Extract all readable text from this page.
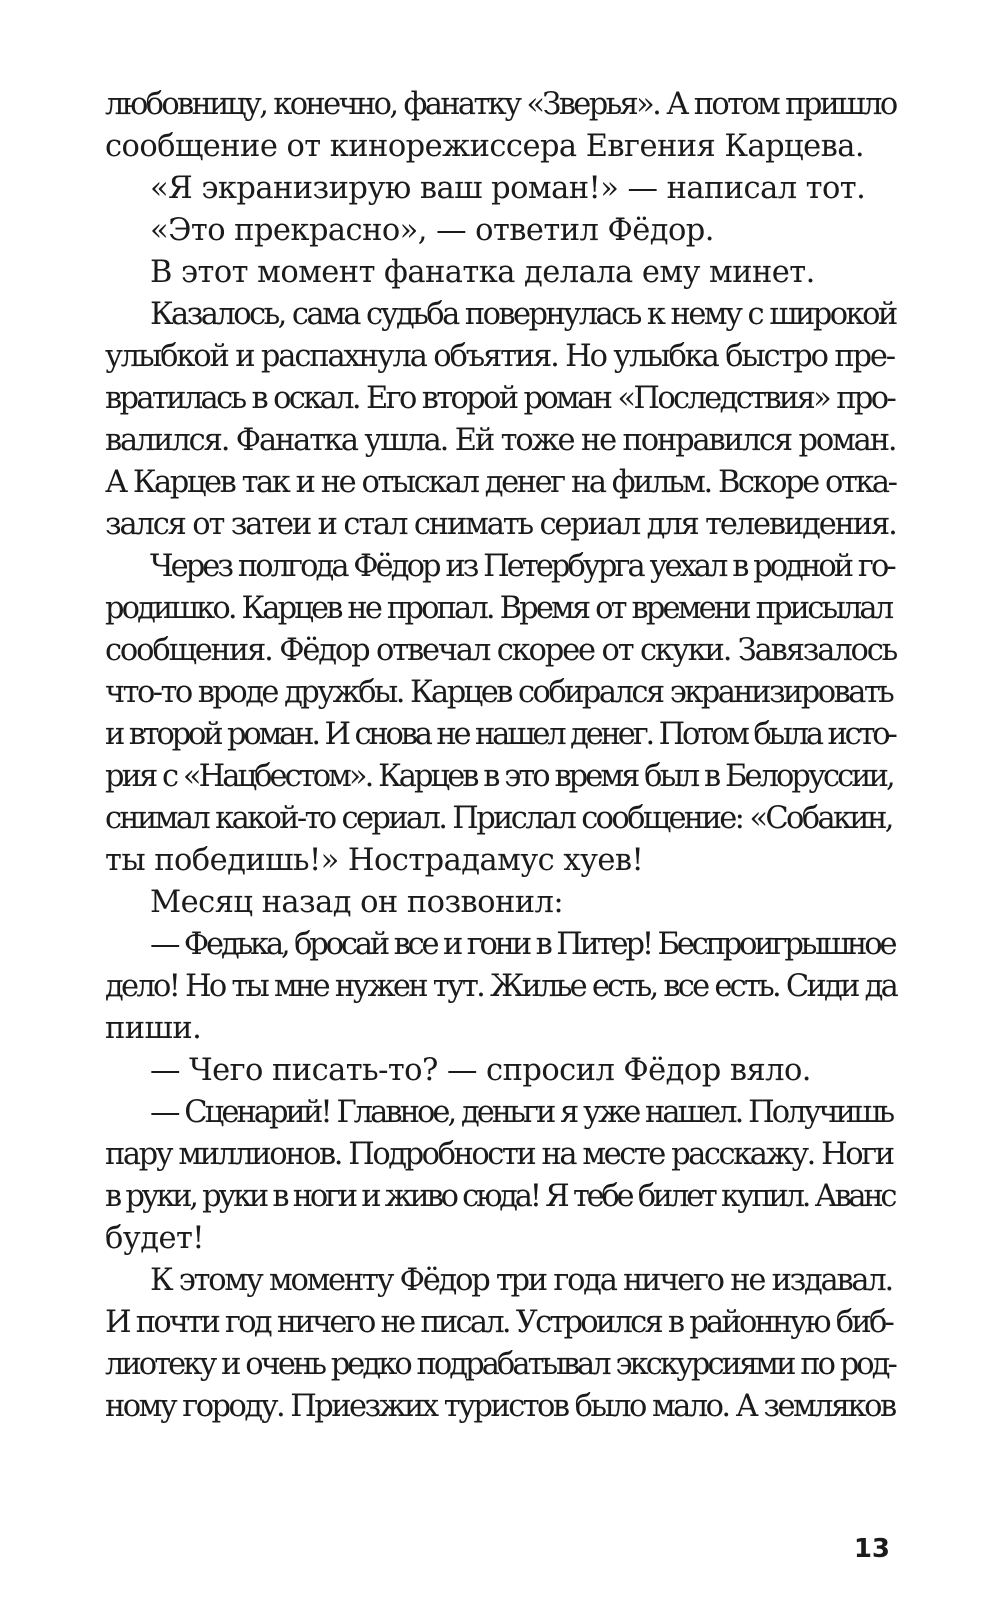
любовницу, конечно, фанатку «Зверья». А потом пришло
сообщение от кинорежиссера Евгения Карцева.
«Я экранизирую ваш роман!» — написал тот.
«Это прекрасно», — ответил Фёдор.
В этот момент фанатка делала ему минет.
Казалось, сама судьба повернулась к нему с широкой
улыбкой и распахнула объятия. Но улыбка быстро пре-
вратилась в оскал. Его второй роман «Последствия» про-
валился. Фанатка ушла. Ей тоже не понравился роман.
А Карцев так и не отыскал денег на фильм. Вскоре отка-
зался от затеи и стал снимать сериал для телевидения.
Через полгода Фёдор из Петербурга уехал в родной го-
родишко. Карцев не пропал. Время от времени присылал
сообщения. Фёдор отвечал скорее от скуки. Завязалось
что-то вроде дружбы. Карцев собирался экранизировать
и второй роман. И снова не нашел денег. Потом была исто-
рия с «Нацбестом». Карцев в это время был в Белоруссии,
снимал какой-то сериал. Прислал сообщение: «Собакин,
ты победишь!» Нострадамус хуев!
Месяц назад он позвонил:
— Федька, бросай все и гони в Питер! Беспроигрышное
дело! Но ты мне нужен тут. Жилье есть, все есть. Сиди да
пиши.
— Чего писать-то? — спросил Фёдор вяло.
— Сценарий! Главное, деньги я уже нашел. Получишь
пару миллионов. Подробности на месте расскажу. Ноги
в руки, руки в ноги и живо сюда! Я тебе билет купил. Аванс
будет!
К этому моменту Фёдор три года ничего не издавал.
И почти год ничего не писал. Устроился в районную биб-
лиотеку и очень редко подрабатывал экскурсиями по род-
ному городу. Приезжих туристов было мало. А земляков
13
